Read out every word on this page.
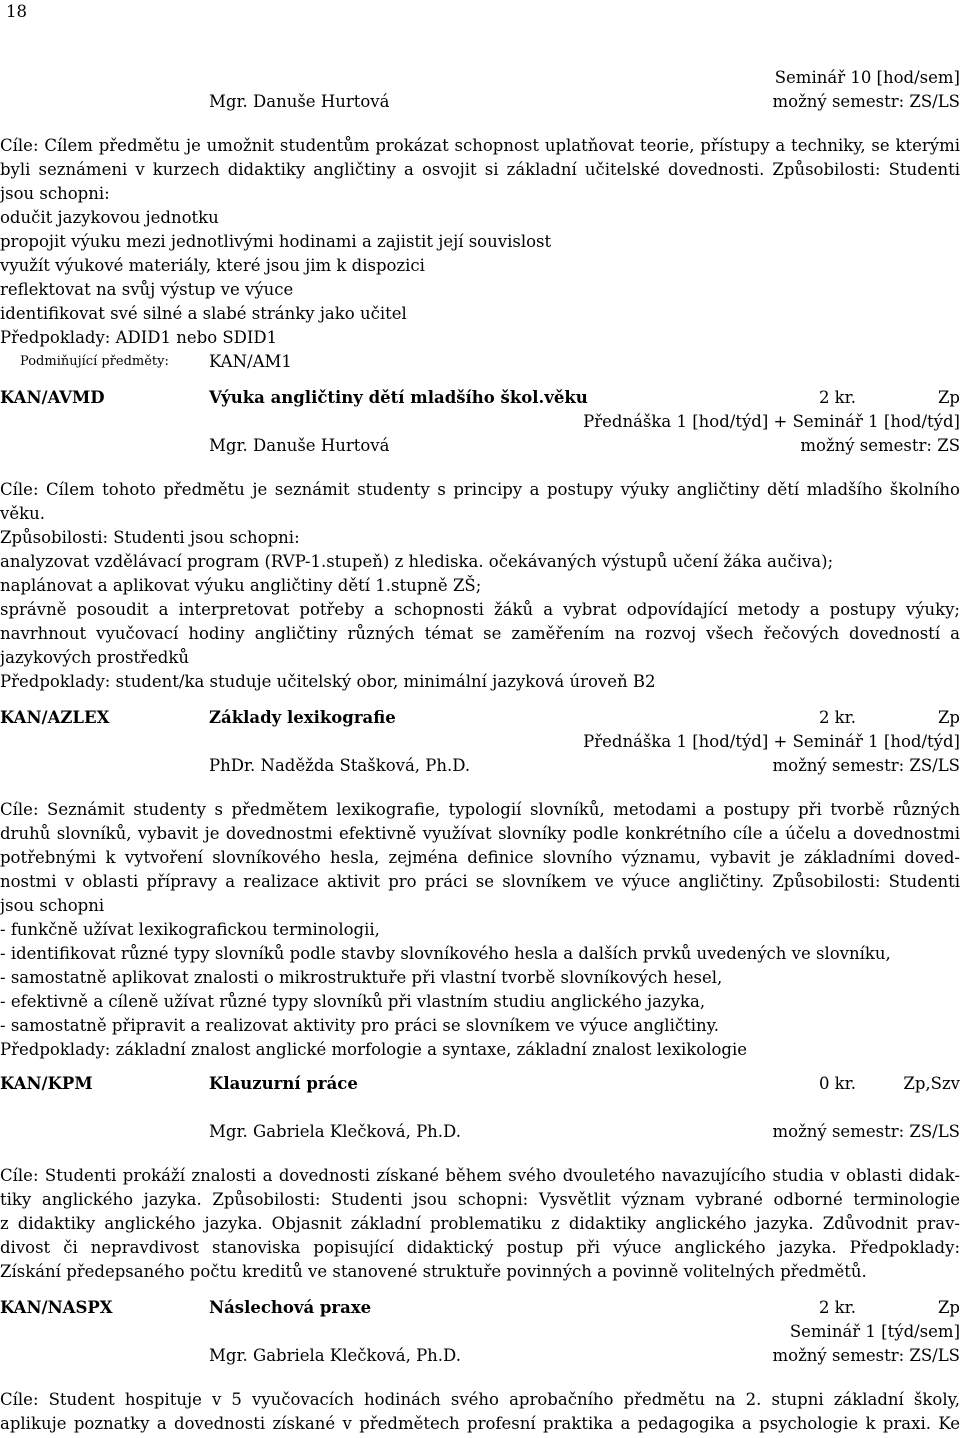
18
Seminář 10 [hod/sem]
Mgr. Danuše Hurtová	možný semestr: ZS/LS
Cíle: Cílem předmětu je umožnit studentům prokázat schopnost uplatňovat teorie, přístupy a techniky, se kterými
byli seznámeni v kurzech didaktiky angličtiny a osvojit si základní učitelské dovednosti. Způsobilosti: Studenti
jsou schopni:
odučit jazykovou jednotku
propojit výuku mezi jednotlivými hodinami a zajistit její souvislost
využít výukové materiály, které jsou jim k dispozici
reflektovat na svůj výstup ve výuce
identifikovat své silné a slabé stránky jako učitel
Předpoklady: ADID1 nebo SDID1
Podmiňující předměty: KAN/AM1
KAN/AVMD	Výuka angličtiny dětí mladšího škol.věku	2 kr.	Zp
Přednáška 1 [hod/týd] + Seminář 1 [hod/týd]
Mgr. Danuše Hurtová	možný semestr: ZS
Cíle: Cílem tohoto předmětu je seznámit studenty s principy a postupy výuky angličtiny dětí mladšího školního
věku.
Způsobilosti: Studenti jsou schopni:
analyzovat vzdělávací program (RVP-1.stupeň) z hlediska. očekávaných výstupů učení žáka aučiva);
naplánovat a aplikovat výuku angličtiny dětí 1.stupně ZŠ;
správně posoudit a interpretovat potřeby a schopnosti žáků a vybrat odpovídající metody a postupy výuky;
navrhnout vyučovací hodiny angličtiny různých témat se zaměřením na rozvoj všech řečových dovedností a
jazykových prostředků
Předpoklady: student/ka studuje učitelský obor, minimální jazyková úroveň B2
KAN/AZLEX	Základy lexikografie	2 kr.	Zp
Přednáška 1 [hod/týd] + Seminář 1 [hod/týd]
PhDr. Naděžda Stašková, Ph.D.	možný semestr: ZS/LS
Cíle: Seznámit studenty s předmětem lexikografie, typologií slovníků, metodami a postupy při tvorbě různých
druhů slovníků, vybavit je dovednostmi efektivně využívat slovníky podle konkrétního cíle a účelu a dovednostmi
potřebnými k vytvoření slovníkového hesla, zejména definice slovního významu, vybavit je základními doved-
nostmi v oblasti přípravy a realizace aktivit pro práci se slovníkem ve výuce angličtiny. Způsobilosti: Studenti
jsou schopni
- funkčně užívat lexikografickou terminologii,
- identifikovat různé typy slovníků podle stavby slovníkového hesla a dalších prvků uvedených ve slovníku,
- samostatně aplikovat znalosti o mikrostruktuře při vlastní tvorbě slovníkových hesel,
- efektivně a cíleně užívat různé typy slovníků při vlastním studiu anglického jazyka,
- samostatně připravit a realizovat aktivity pro práci se slovníkem ve výuce angličtiny.
Předpoklady: základní znalost anglické morfologie a syntaxe, základní znalost lexikologie
KAN/KPM	Klauzurní práce	0 kr.	Zp,Szv
Mgr. Gabriela Klečková, Ph.D.	možný semestr: ZS/LS
Cíle: Studenti prokáží znalosti a dovednosti získané během svého dvouletého navazujícího studia v oblasti didak-
tiky anglického jazyka. Způsobilosti: Studenti jsou schopni: Vysvětlit význam vybrané odborné terminologie
z didaktiky anglického jazyka. Objasnit základní problematiku z didaktiky anglického jazyka. Zdůvodnit prav-
divost či nepravdivost stanoviska popisující didaktický postup při výuce anglického jazyka. Předpoklady:
Získání předepsaného počtu kreditů ve stanovené struktuře povinných a povinně volitelných předmětů.
KAN/NASPX	Náslechová praxe	2 kr.	Zp
Seminář 1 [týd/sem]
Mgr. Gabriela Klečková, Ph.D.	možný semestr: ZS/LS
Cíle: Student hospituje v 5 vyučovacích hodinách svého aprobačního předmětu na 2. stupni základní školy,
aplikuje poznatky a dovednosti získané v předmětech profesní praktika a pedagogika a psychologie k praxi. Ke
